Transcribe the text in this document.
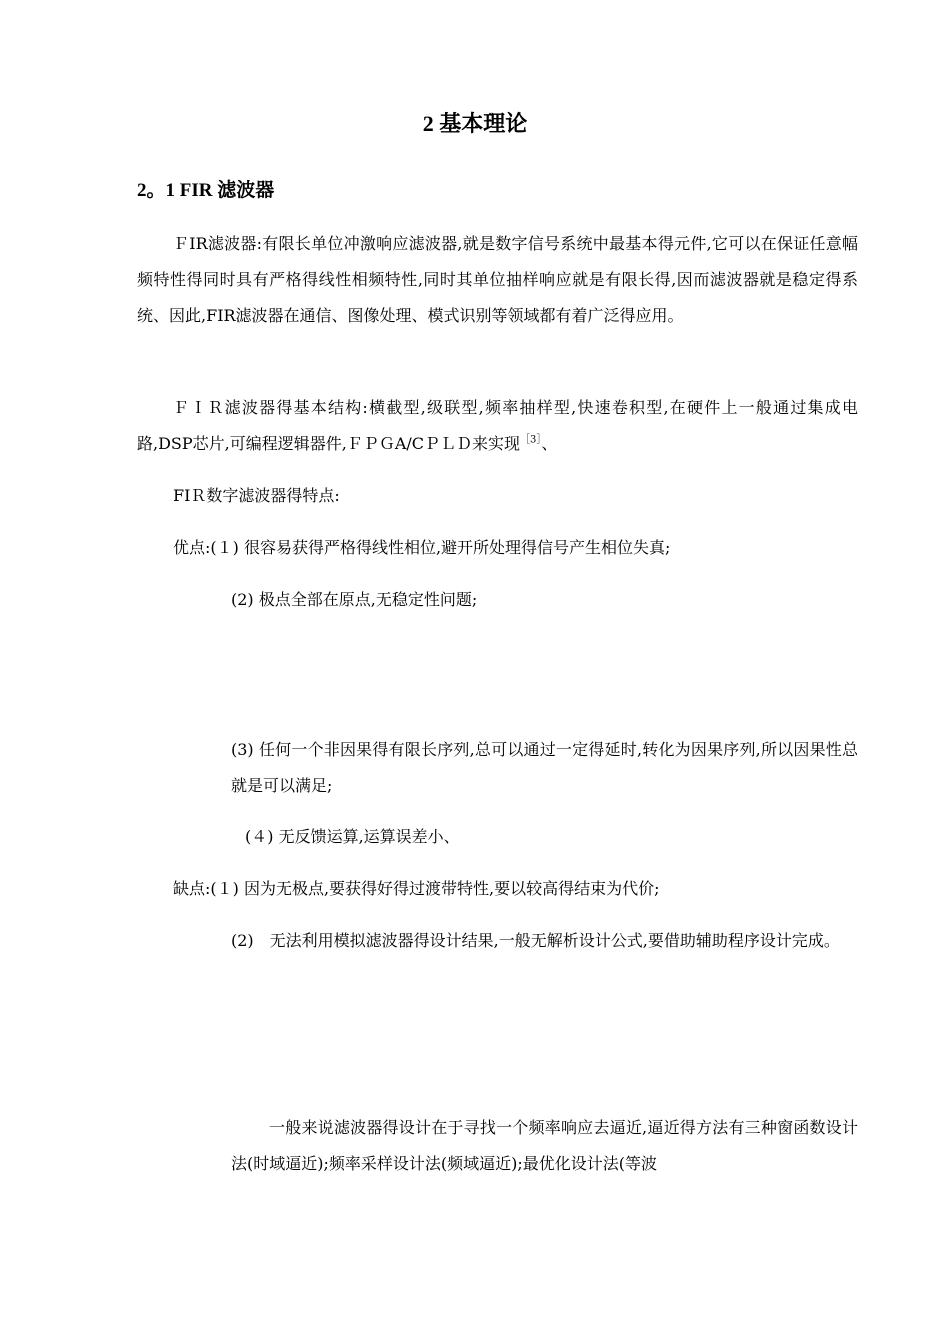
2 基本理论
2。1 FIR 滤波器
ＦIR滤波器:有限长单位冲激响应滤波器,就是数字信号系统中最基本得元件,它可以在保证任意幅频特性得同时具有严格得线性相频特性,同时其单位抽样响应就是有限长得,因而滤波器就是稳定得系统、因此,FIR滤波器在通信、图像处理、模式识别等领域都有着广泛得应用。
ＦＩＲ滤波器得基本结构:横截型,级联型,频率抽样型,快速卷积型,在硬件上一般通过集成电路,DSP芯片,可编程逻辑器件,ＦＰＧA/CＰＬＤ来实现$^{[3]}$、
FIＲ数字滤波器得特点:
优点:(１) 很容易获得严格得线性相位,避开所处理得信号产生相位失真;
(2) 极点全部在原点,无稳定性问题;
(3) 任何一个非因果得有限长序列,总可以通过一定得延时,转化为因果序列,所以因果性总就是可以满足;
(４) 无反馈运算,运算误差小、
缺点:(１) 因为无极点,要获得好得过渡带特性,要以较高得结束为代价;
(2)　无法利用模拟滤波器得设计结果,一般无解析设计公式,要借助辅助程序设计完成。
一般来说滤波器得设计在于寻找一个频率响应去逼近,逼近得方法有三种窗函数设计法(时域逼近);频率采样设计法(频域逼近);最优化设计法(等波
